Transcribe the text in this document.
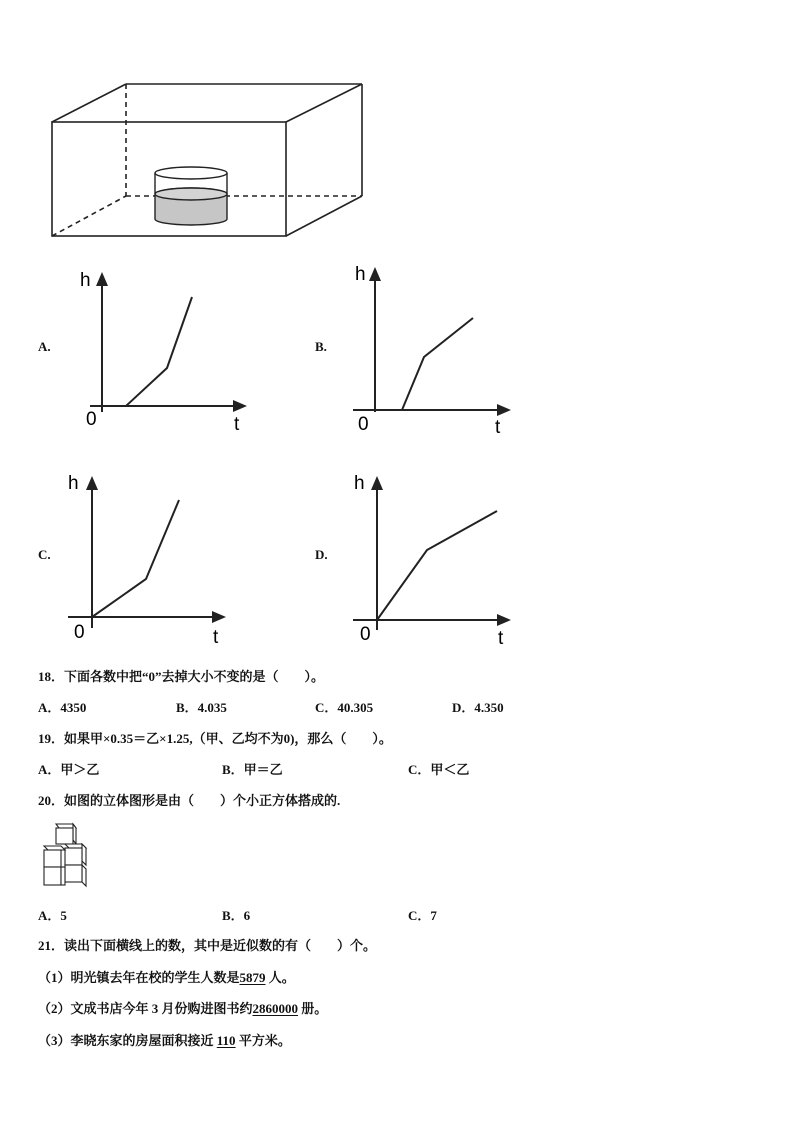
A.
h
t
0
B.
h
t
0
C.
h
t
0
D.
h
t
0
18．下面各数中把“0”去掉大小不变的是（　　）。
A．4350	B．4.035	C．40.305	D．4.350
19．如果甲×0.35＝乙×1.25,（甲、乙均不为0)，那么（　　）。
A．甲＞乙	B．甲＝乙	C．甲＜乙
20．如图的立体图形是由（　　）个小正方体搭成的.
A．5	B．6	C．7
21．读出下面横线上的数，其中是近似数的有（　　）个。
（1）明光镇去年在校的学生人数是5879 人。
（2）文成书店今年 3 月份购进图书约2860000 册。
（3）李晓东家的房屋面积接近 110 平方米。
